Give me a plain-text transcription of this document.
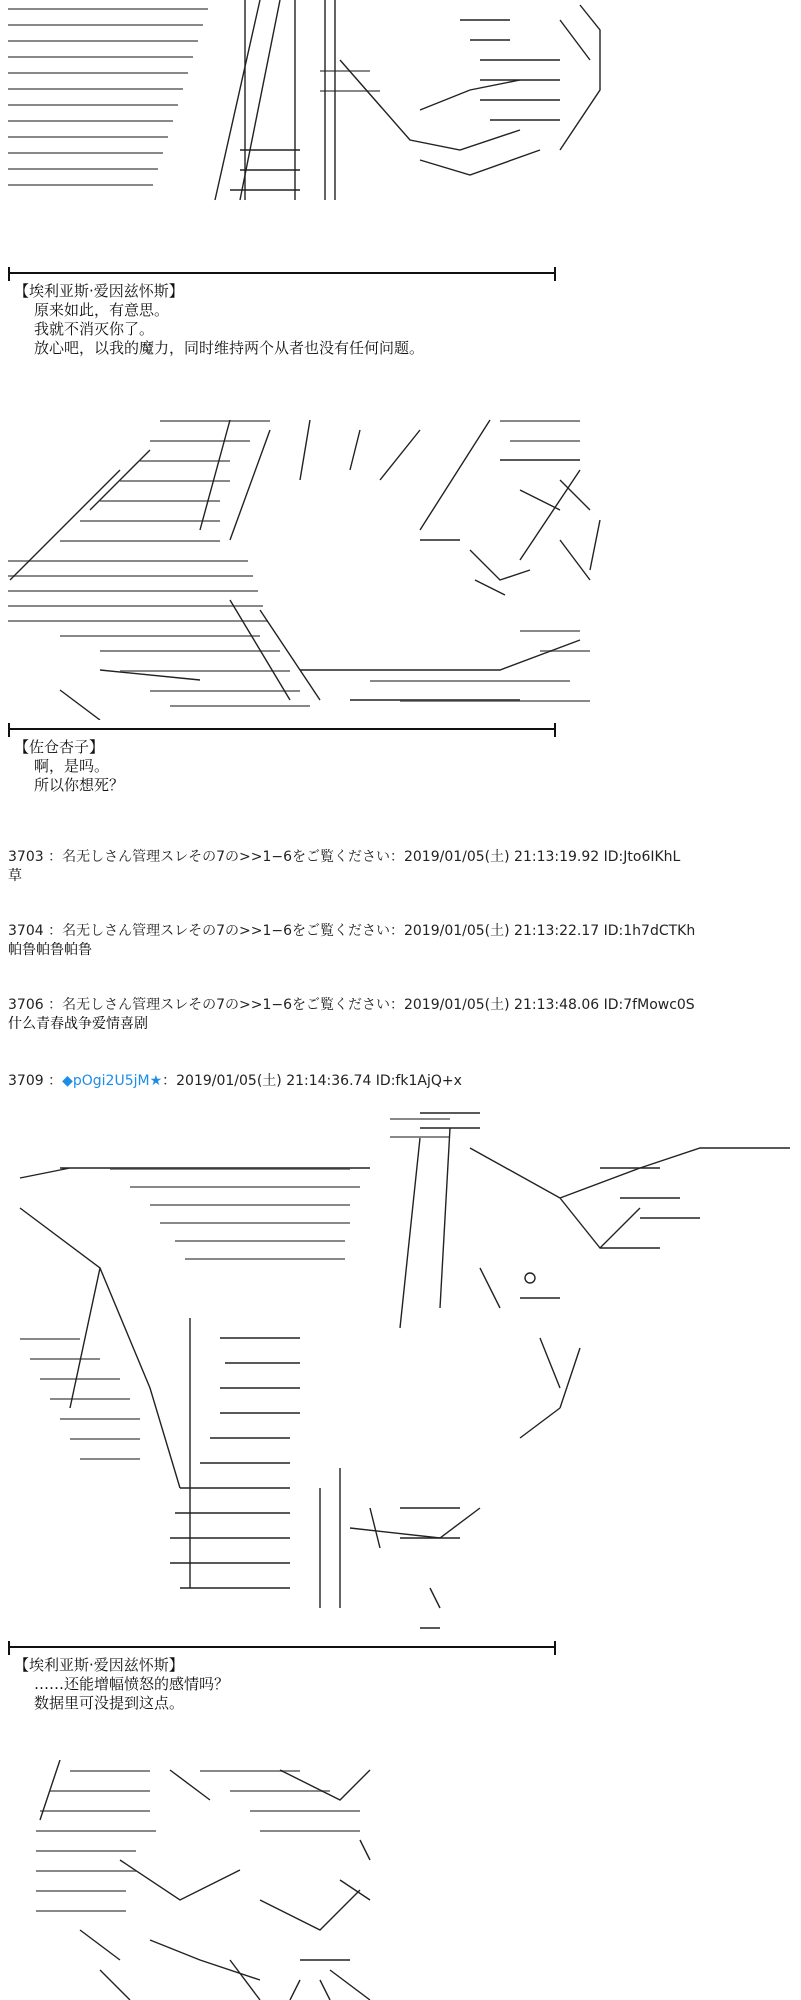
【埃利亚斯·爱因兹怀斯】
原来如此，有意思。
我就不消灭你了。
放心吧，以我的魔力，同时维持两个从者也没有任何问题。
【佐仓杏子】
啊，是吗。
所以你想死？
3703 ：名无しさん管理スレその7の>>1−6をご覧ください：2019/01/05(土) 21:13:19.92 ID:Jto6IKhL
草
3704 ：名无しさん管理スレその7の>>1−6をご覧ください：2019/01/05(土) 21:13:22.17 ID:1h7dCTKh
帕鲁帕鲁帕鲁
3706 ：名无しさん管理スレその7の>>1−6をご覧ください：2019/01/05(土) 21:13:48.06 ID:7fMowc0S
什么青春战争爱情喜剧
3709 ：◆pOgi2U5jM★：2019/01/05(土) 21:14:36.74 ID:fk1AjQ+x
【埃利亚斯·爱因兹怀斯】
……还能增幅愤怒的感情吗？
数据里可没提到这点。
